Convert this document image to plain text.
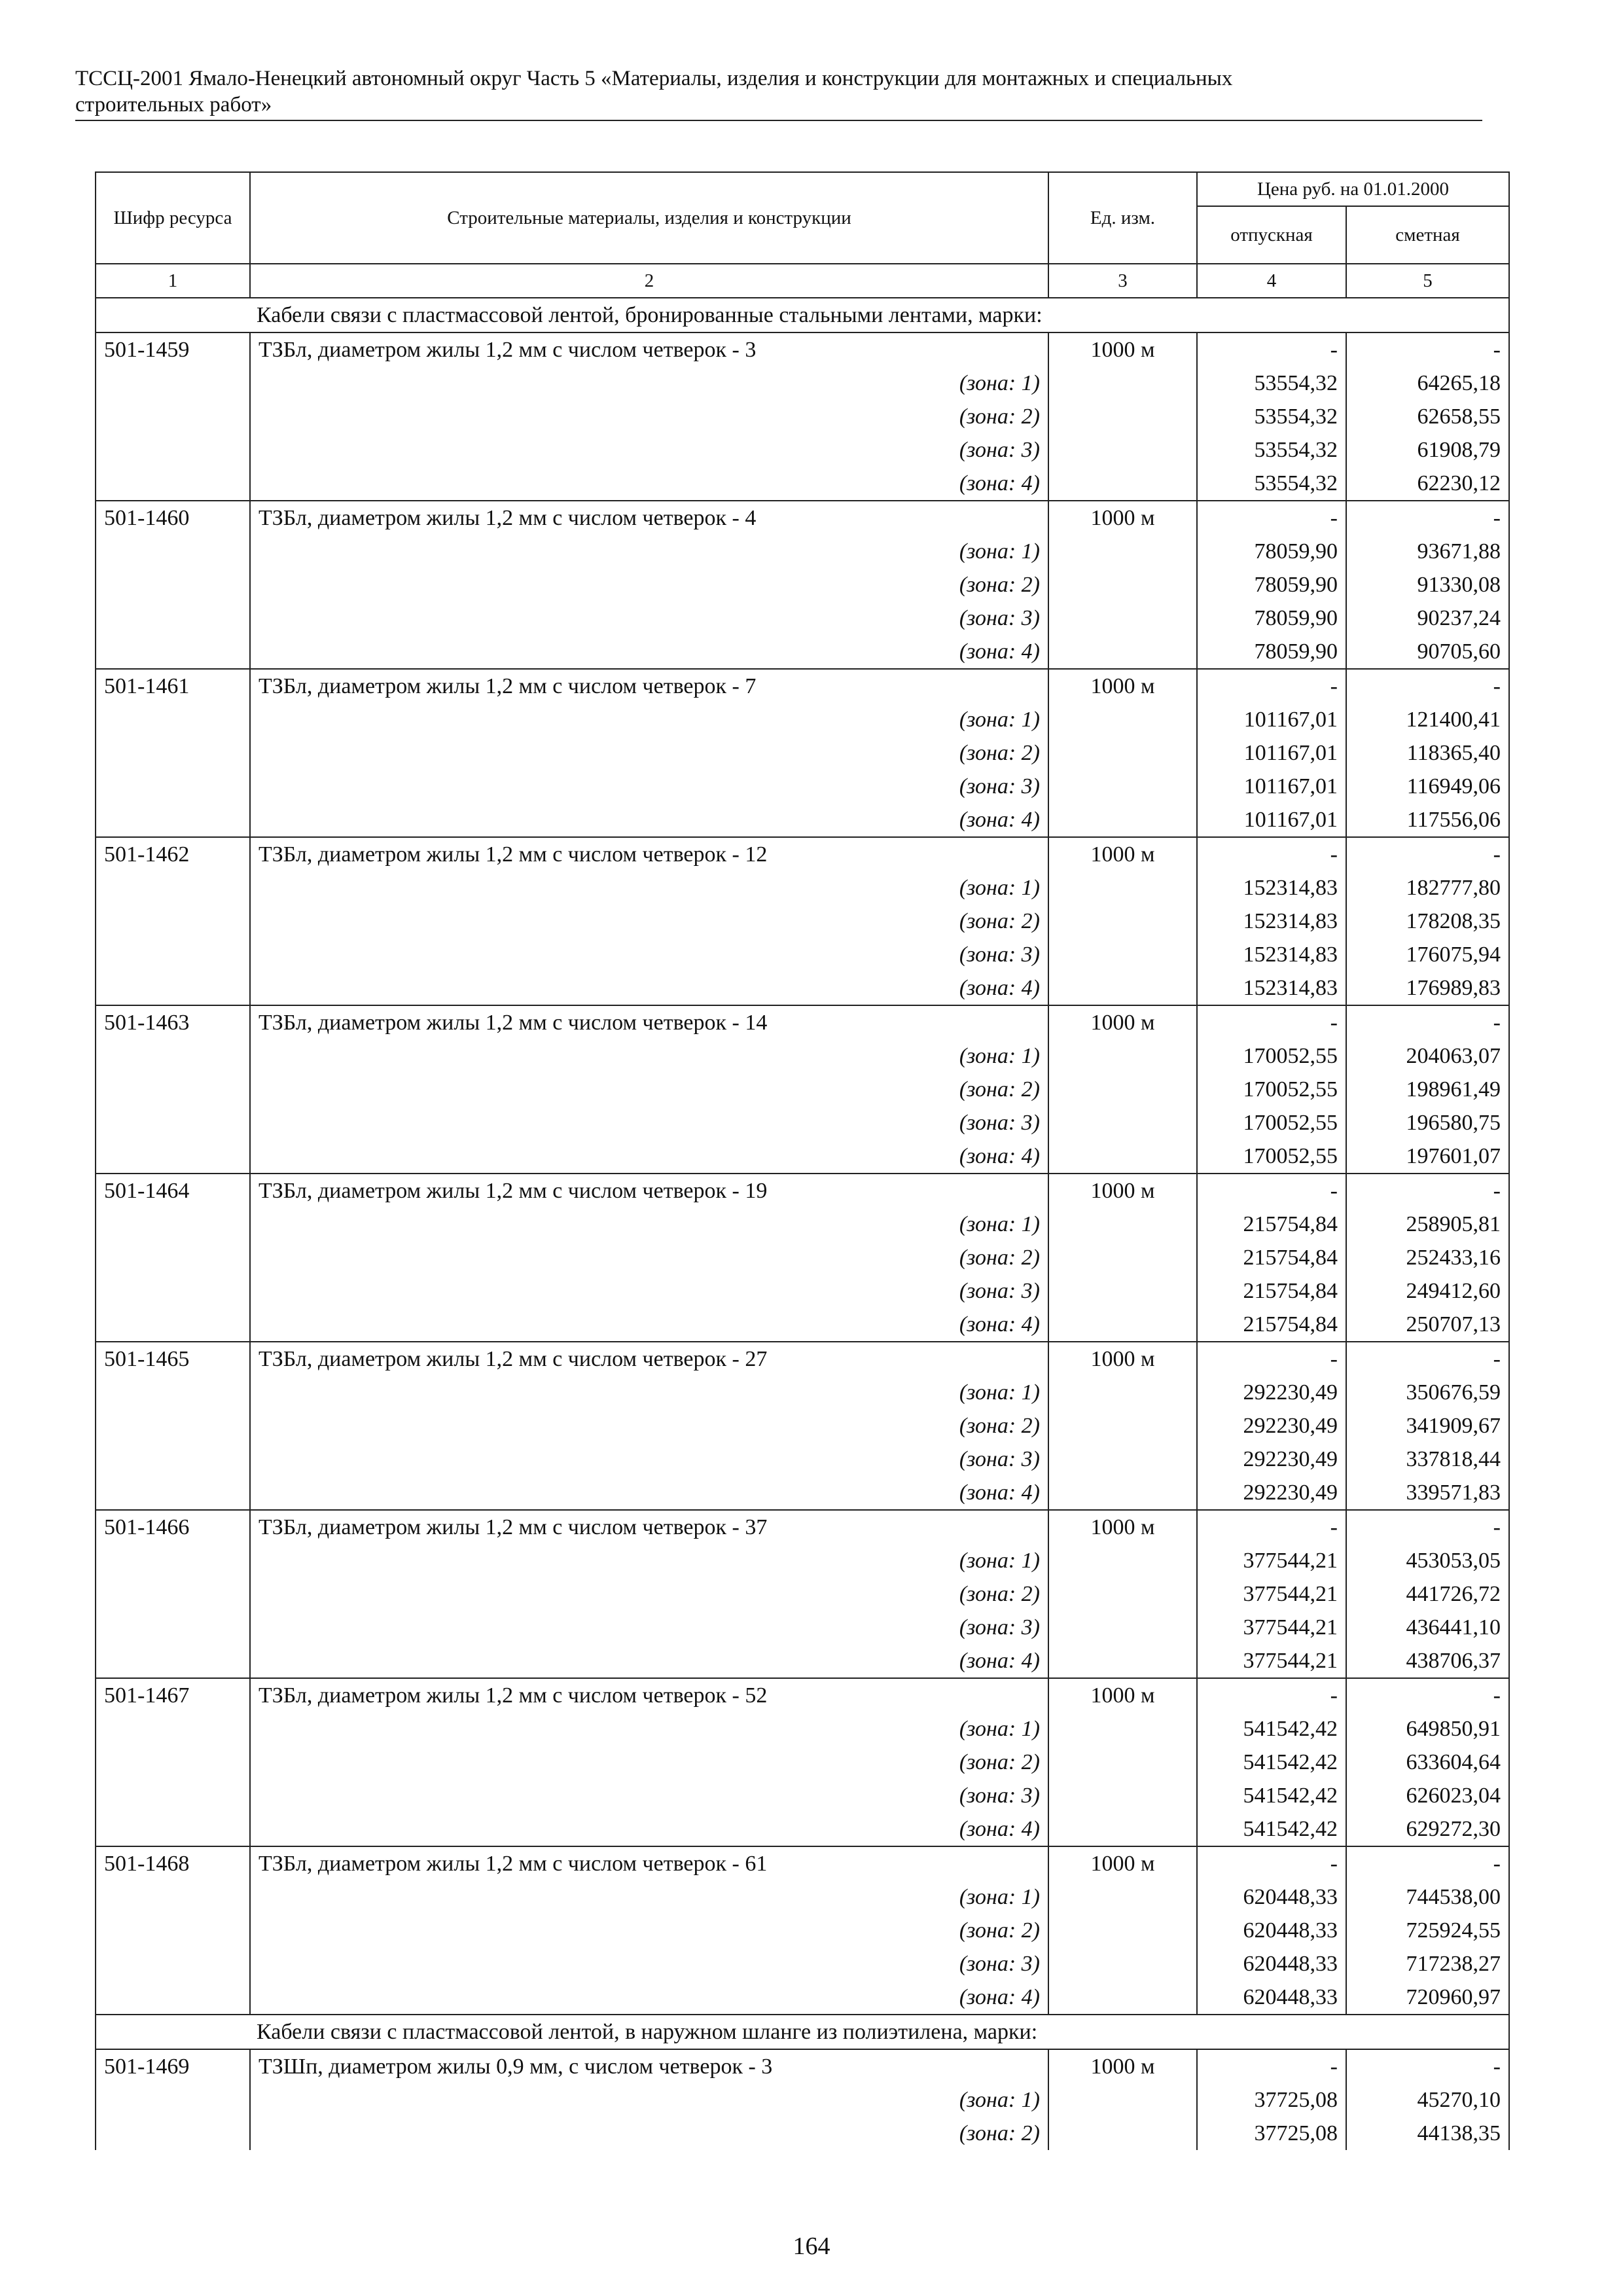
ТССЦ-2001 Ямало-Ненецкий автономный округ Часть 5 «Материалы, изделия и конструкции для монтажных и специальных
строительных работ»
Шифр ресурса	Строительные материалы, изделия и конструкции	Ед. изм.	Цена руб. на 01.01.2000	
			отпускная	сметная
1	2	3	4	5
Кабели связи с пластмассовой лентой, бронированные стальными лентами, марки:				
501-1459	ТЗБл, диаметром жилы 1,2 мм с числом четверок - 3	1000 м	-	-

	(зона: 1)		53554,32	64265,18

	(зона: 2)		53554,32	62658,55

	(зона: 3)		53554,32	61908,79

	(зона: 4)		53554,32	62230,12
501-1460	ТЗБл, диаметром жилы 1,2 мм с числом четверок - 4	1000 м	-	-

	(зона: 1)		78059,90	93671,88

	(зона: 2)		78059,90	91330,08

	(зона: 3)		78059,90	90237,24

	(зона: 4)		78059,90	90705,60
501-1461	ТЗБл, диаметром жилы 1,2 мм с числом четверок - 7	1000 м	-	-

	(зона: 1)		101167,01	121400,41

	(зона: 2)		101167,01	118365,40

	(зона: 3)		101167,01	116949,06

	(зона: 4)		101167,01	117556,06
501-1462	ТЗБл, диаметром жилы 1,2 мм с числом четверок - 12	1000 м	-	-

	(зона: 1)		152314,83	182777,80

	(зона: 2)		152314,83	178208,35

	(зона: 3)		152314,83	176075,94

	(зона: 4)		152314,83	176989,83
501-1463	ТЗБл, диаметром жилы 1,2 мм с числом четверок - 14	1000 м	-	-

	(зона: 1)		170052,55	204063,07

	(зона: 2)		170052,55	198961,49

	(зона: 3)		170052,55	196580,75

	(зона: 4)		170052,55	197601,07
501-1464	ТЗБл, диаметром жилы 1,2 мм с числом четверок - 19	1000 м	-	-

	(зона: 1)		215754,84	258905,81

	(зона: 2)		215754,84	252433,16

	(зона: 3)		215754,84	249412,60

	(зона: 4)		215754,84	250707,13
501-1465	ТЗБл, диаметром жилы 1,2 мм с числом четверок - 27	1000 м	-	-

	(зона: 1)		292230,49	350676,59

	(зона: 2)		292230,49	341909,67

	(зона: 3)		292230,49	337818,44

	(зона: 4)		292230,49	339571,83
501-1466	ТЗБл, диаметром жилы 1,2 мм с числом четверок - 37	1000 м	-	-

	(зона: 1)		377544,21	453053,05

	(зона: 2)		377544,21	441726,72

	(зона: 3)		377544,21	436441,10

	(зона: 4)		377544,21	438706,37
501-1467	ТЗБл, диаметром жилы 1,2 мм с числом четверок - 52	1000 м	-	-

	(зона: 1)		541542,42	649850,91

	(зона: 2)		541542,42	633604,64

	(зона: 3)		541542,42	626023,04

	(зона: 4)		541542,42	629272,30
501-1468	ТЗБл, диаметром жилы 1,2 мм с числом четверок - 61	1000 м	-	-

	(зона: 1)		620448,33	744538,00

	(зона: 2)		620448,33	725924,55

	(зона: 3)		620448,33	717238,27

	(зона: 4)		620448,33	720960,97
Кабели связи с пластмассовой лентой, в наружном шланге из полиэтилена, марки:				
501-1469	ТЗШп, диаметром жилы 0,9 мм, с числом четверок - 3	1000 м	-	-

	(зона: 1)		37725,08	45270,10

	(зона: 2)		37725,08	44138,35
164
